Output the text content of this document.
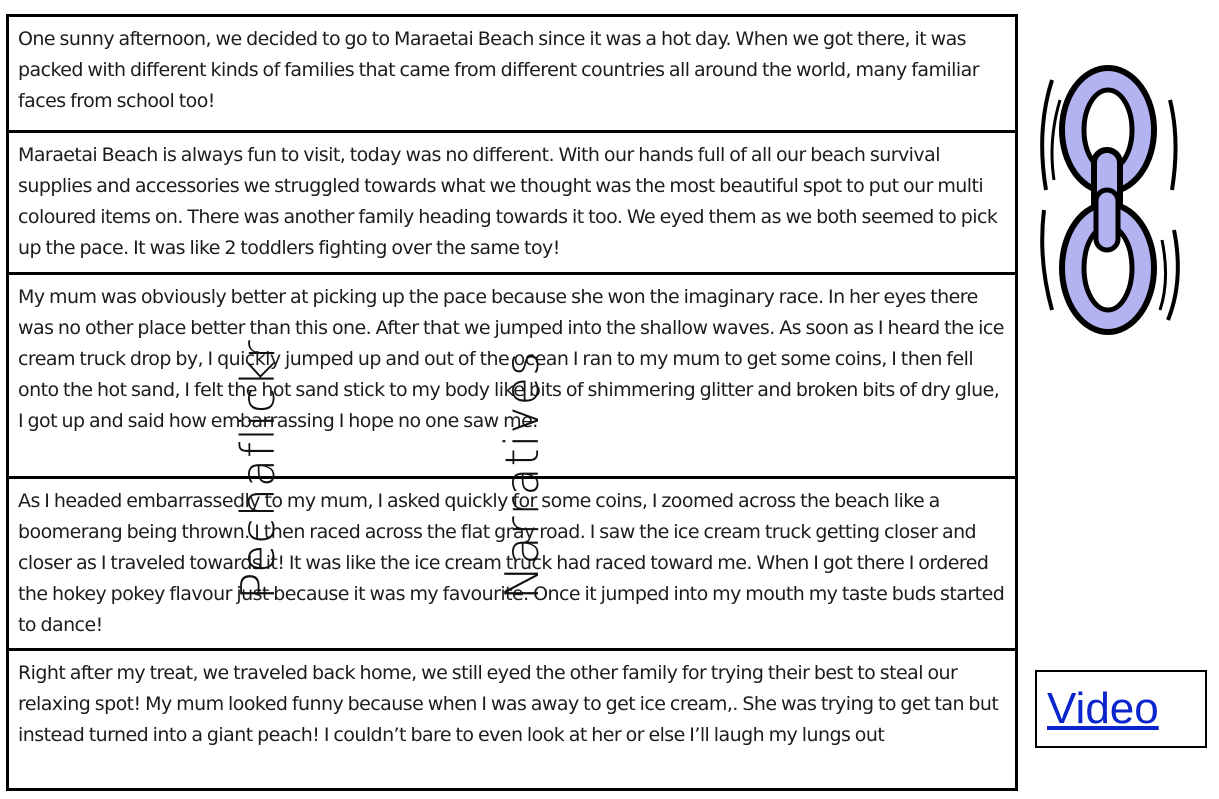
One sunny afternoon, we decided to go to Maraetai Beach since it was a hot day. When we got there, it was packed with different kinds of families that came from different countries all around the world, many familiar faces from school too!
Maraetai Beach is always fun to visit, today was no different. With our hands full of all our beach survival supplies and accessories we struggled towards what we thought was the most beautiful spot to put our multi coloured items on. There was another family heading towards it too. We eyed them as we both seemed to pick up the pace. It was like 2 toddlers fighting over the same toy!
My mum was obviously better at picking up the pace because she won the imaginary race. In her eyes there was no other place better than this one. After that we jumped into the shallow waves. As soon as I heard the ice cream truck drop by, I quickly jumped up and out of the ocean I ran to my mum to get some coins, I then fell onto the hot sand, I felt the hot sand stick to my body like bits of shimmering glitter and broken bits of dry glue, I got up and said how embarrassing I hope no one saw me.
As I headed embarrassedly to my mum, I asked quickly for some coins, I zoomed across the beach like a boomerang being thrown. I then raced across the flat gray road. I saw the ice cream truck getting closer and closer as I traveled towards it! It was like the ice cream truck had raced toward me. When I got there I ordered the hokey pokey flavour just because it was my favourite. Once it jumped into my mouth my taste buds started to dance!
Right after my treat, we traveled back home, we still eyed the other family for trying their best to steal our relaxing spot! My mum looked funny because when I was away to get ice cream,. She was trying to get tan but instead turned into a giant peach! I couldn’t bare to even look at her or else I’ll laugh my lungs out

Pechaflickr

	Narratives

Video
